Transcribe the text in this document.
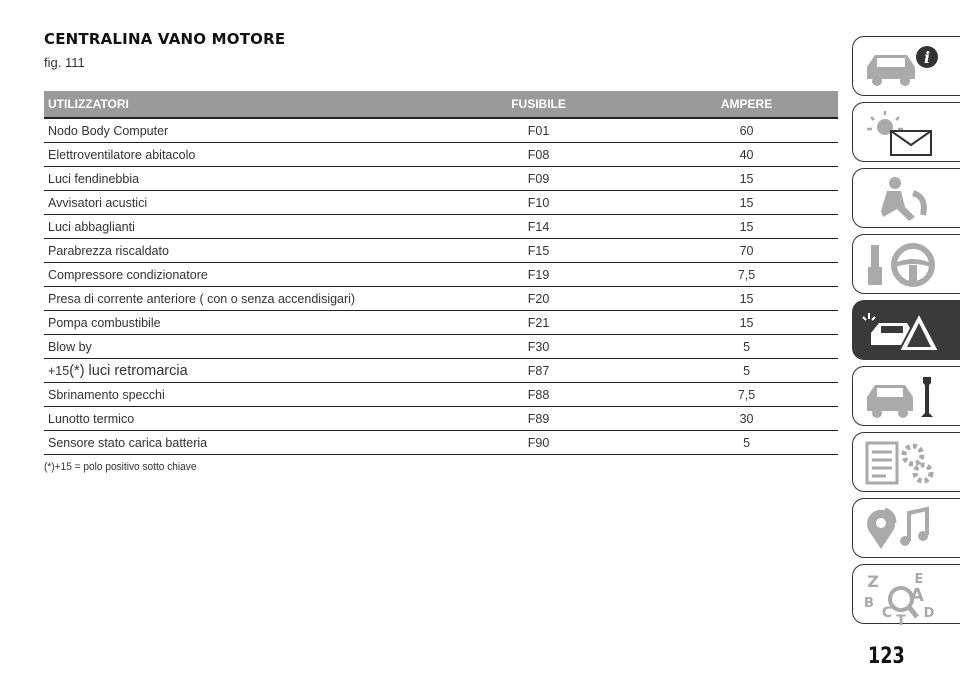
CENTRALINA VANO MOTORE
fig. 111
UTILIZZATORI		FUSIBILE		AMPERE
Nodo Body Computer		F01		60
Elettroventilatore abitacolo		F08		40
Luci fendinebbia		F09		15
Avvisatori acustici		F10		15
Luci abbaglianti		F14		15
Parabrezza riscaldato		F15		70
Compressore condizionatore		F19		7,5
Presa di corrente anteriore ( con o senza accendisigari)		F20		15
Pompa combustibile		F21		15
Blow by		F30		5
+15(*) luci retromarcia		F87		5
Sbrinamento specchi		F88		7,5
Lunotto termico		F89		30
Sensore stato carica batteria		F90		5
(*)+15 = polo positivo sotto chiave
i
Z	E
A
B
C T D
123
